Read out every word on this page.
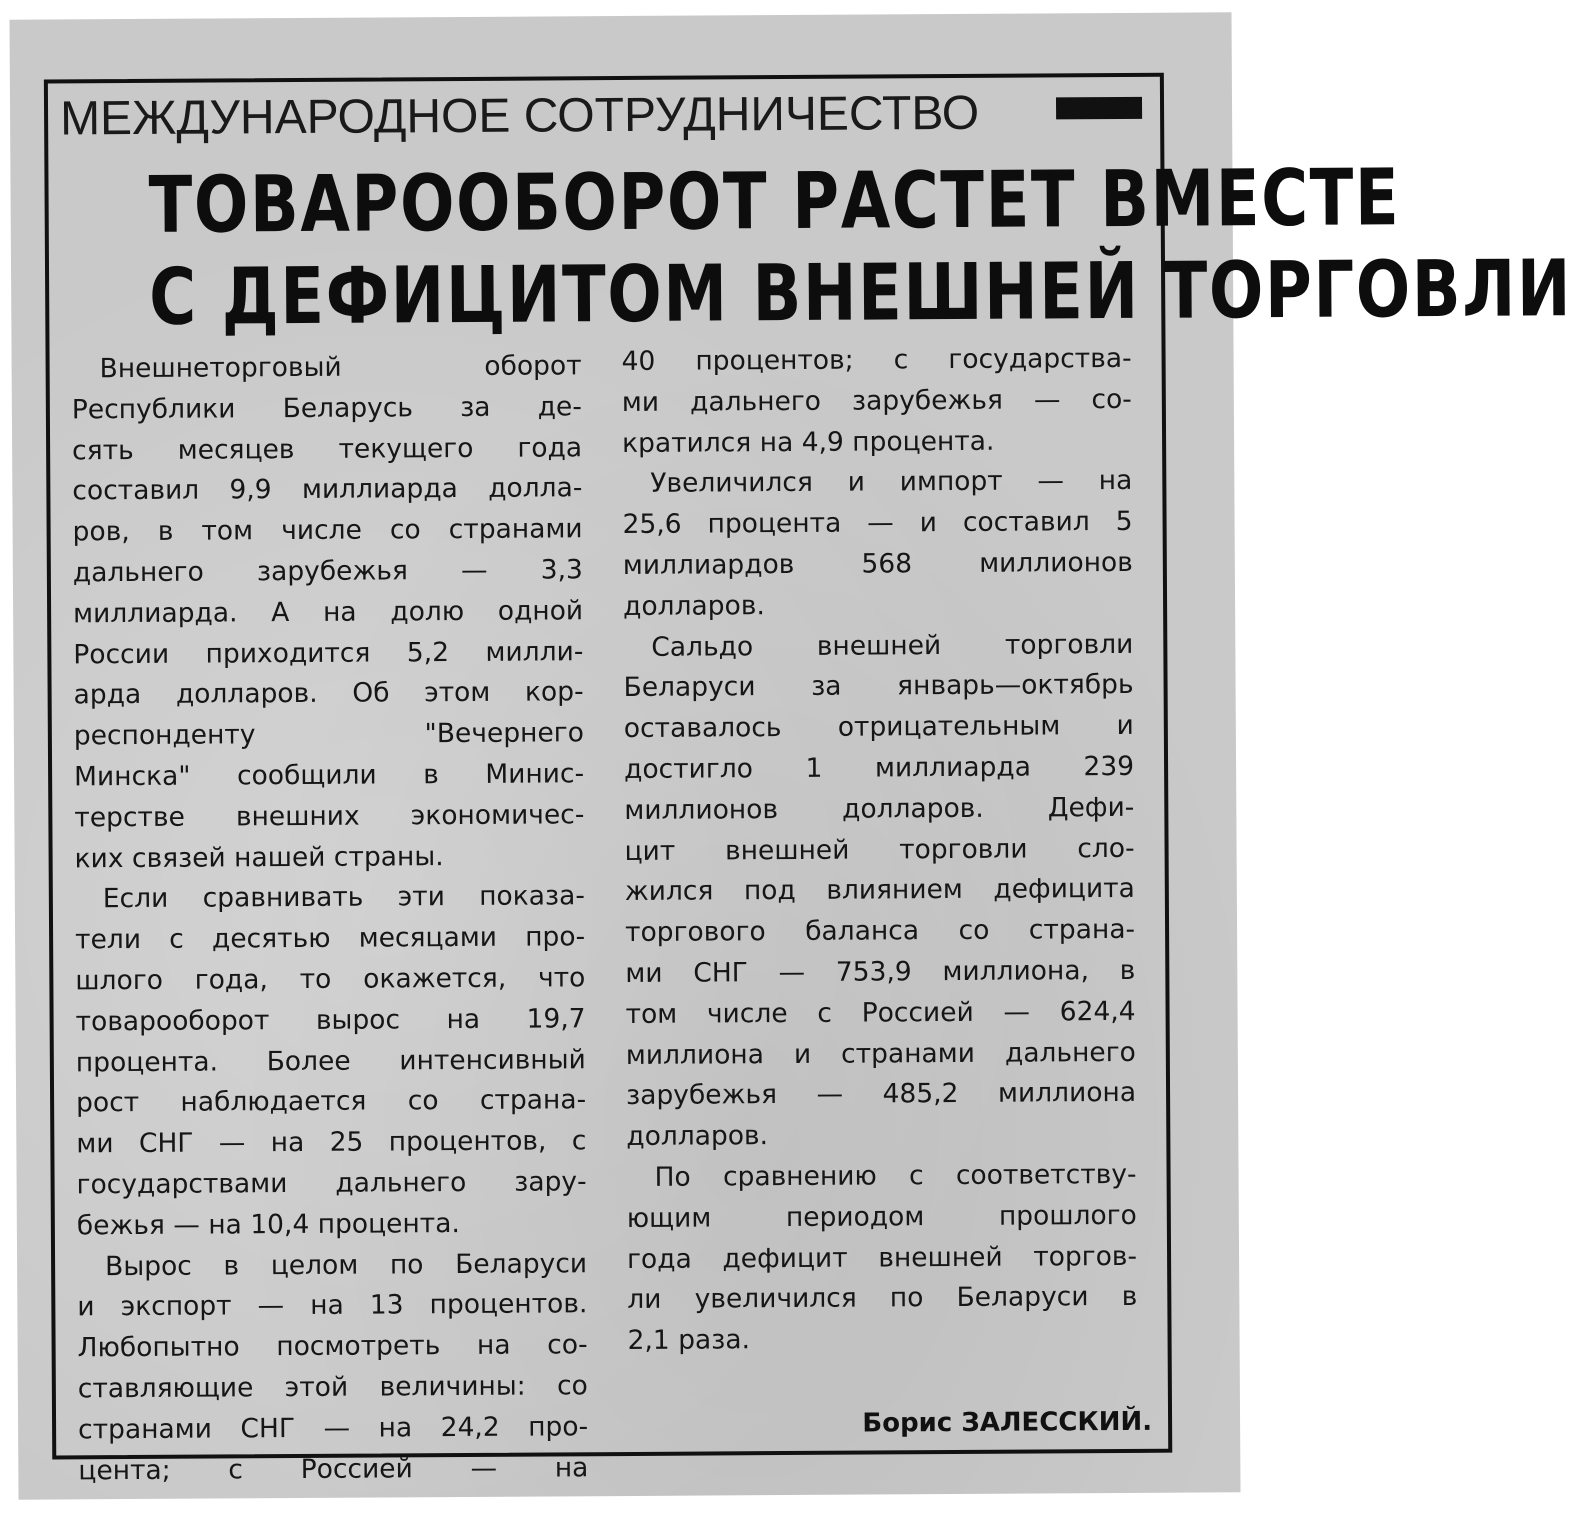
МЕЖДУНАРОДНОЕ СОТРУДНИЧЕСТВО
ТОВАРООБОРОТ РАСТЕТ ВМЕСТЕ
С ДЕФИЦИТОМ ВНЕШНЕЙ ТОРГОВЛИ
Внешнеторговый оборот
Республики Беларусь за де-
сять месяцев текущего года
составил 9,9 миллиарда долла-
ров, в том числе со странами
дальнего зарубежья — 3,3
миллиарда. А на долю одной
России приходится 5,2 милли-
арда долларов. Об этом кор-
респонденту "Вечернего
Минска" сообщили в Минис-
терстве внешних экономичес-
ких связей нашей страны.
Если сравнивать эти показа-
тели с десятью месяцами про-
шлого года, то окажется, что
товарооборот вырос на 19,7
процента. Более интенсивный
рост наблюдается со страна-
ми СНГ — на 25 процентов, с
государствами дальнего зару-
бежья — на 10,4 процента.
Вырос в целом по Беларуси
и экспорт — на 13 процентов.
Любопытно посмотреть на со-
ставляющие этой величины: со
странами СНГ — на 24,2 про-
цента; с Россией — на
40 процентов; с государства-
ми дальнего зарубежья — со-
кратился на 4,9 процента.
Увеличился и импорт — на
25,6 процента — и составил 5
миллиардов 568 миллионов
долларов.
Сальдо внешней торговли
Беларуси за январь—октябрь
оставалось отрицательным и
достигло 1 миллиарда 239
миллионов долларов. Дефи-
цит внешней торговли сло-
жился под влиянием дефицита
торгового баланса со страна-
ми СНГ — 753,9 миллиона, в
том числе с Россией — 624,4
миллиона и странами дальнего
зарубежья — 485,2 миллиона
долларов.
По сравнению с соответству-
ющим периодом прошлого
года дефицит внешней торгов-
ли увеличился по Беларуси в
2,1 раза.
Борис ЗАЛЕССКИЙ.
